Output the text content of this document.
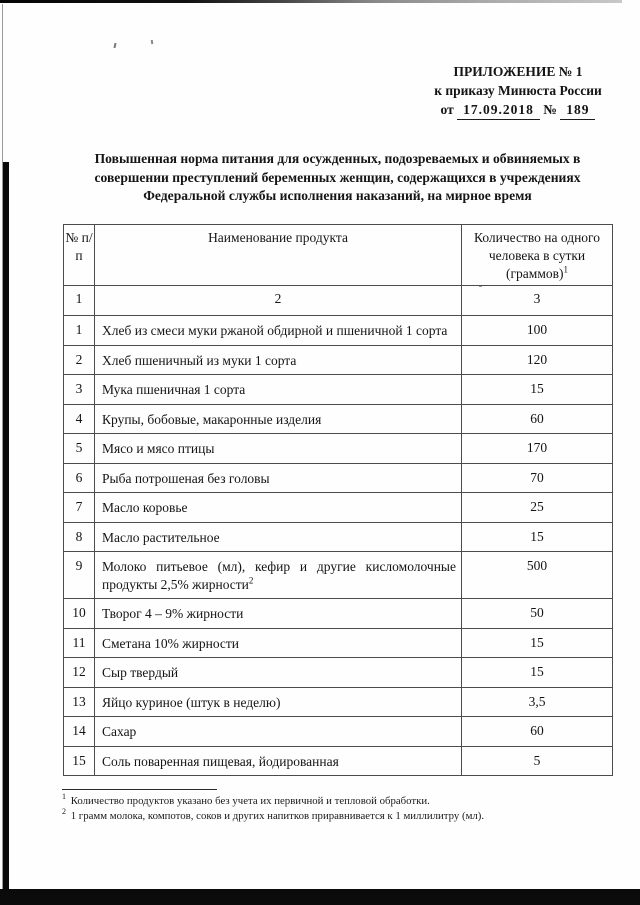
ПРИЛОЖЕНИЕ № 1
к приказу Минюста России
от 17.09.2018 № 189
Повышенная норма питания для осужденных, подозреваемых и обвиняемых в совершении преступлений беременных женщин, содержащихся в учреждениях Федеральной службы исполнения наказаний, на мирное время
№ п/п	Наименование продукта	Количество на одного человека в сутки (граммов)$^1$
1	2	3
1	Хлеб из смеси муки ржаной обдирной и пшеничной 1 сорта	100
2	Хлеб пшеничный из муки 1 сорта	120
3	Мука пшеничная 1 сорта	15
4	Крупы, бобовые, макаронные изделия	60
5	Мясо и мясо птицы	170
6	Рыба потрошеная без головы	70
7	Масло коровье	25
8	Масло растительное	15
9	Молоко питьевое (мл), кефир и другие кисломолочные продукты 2,5% жирности$^2$	500
10	Творог 4 – 9% жирности	50
11	Сметана 10% жирности	15
12	Сыр твердый	15
13	Яйцо куриное (штук в неделю)	3,5
14	Сахар	60
15	Соль поваренная пищевая, йодированная	5
$^1$ Количество продуктов указано без учета их первичной и тепловой обработки.
$^2$ 1 грамм молока, компотов, соков и других напитков приравнивается к 1 миллилитру (мл).
